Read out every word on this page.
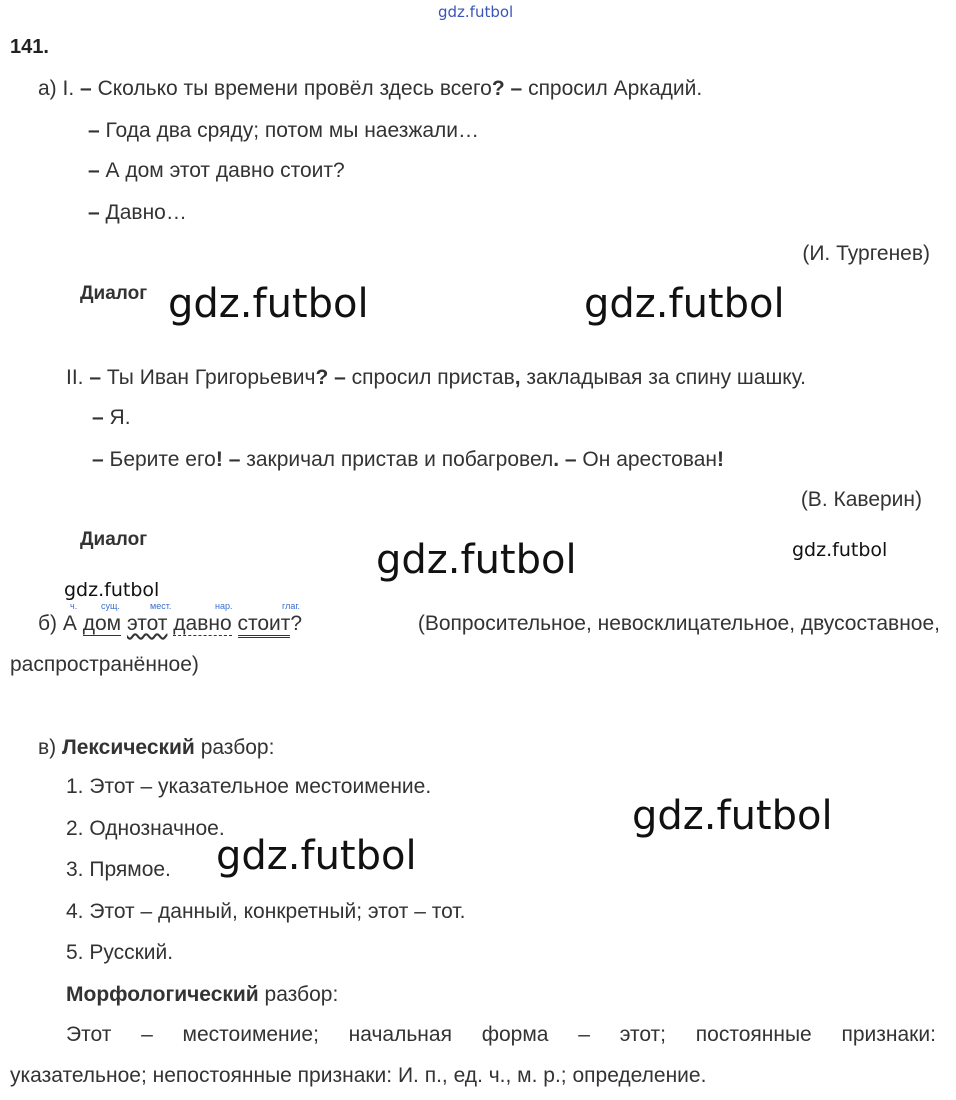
gdz.futbol
141.
а) I. – Сколько ты времени провёл здесь всего? – спросил Аркадий.
– Года два сряду; потом мы наезжали…
– А дом этот давно стоит?
– Давно…
(И. Тургенев)
Диалог gdz.futbol	gdz.futbol
II. – Ты Иван Григорьевич? – спросил пристав, закладывая за спину шашку.
– Я.
– Берите его! – закричал пристав и побагровел. – Он арестован!
(В. Каверин)
Диалог	gdz.futbol	gdz.futbol
gdz.futbol
ч.	сущ.	мест.	нар.	глаг.
б) А дом этот давно стоит?	(Вопросительное, невосклицательное, двусоставное,
распространённое)
в) Лексический разбор:
1. Этот – указательное местоимение.
2. Однозначное.
3. Прямое.
4. Этот – данный, конкретный; этот – тот.
5. Русский.
gdz.futbol
gdz.futbol
Морфологический разбор:
Этот – местоимение; начальная форма – этот; постоянные признаки:
указательное; непостоянные признаки: И. п., ед. ч., м. р.; определение.
